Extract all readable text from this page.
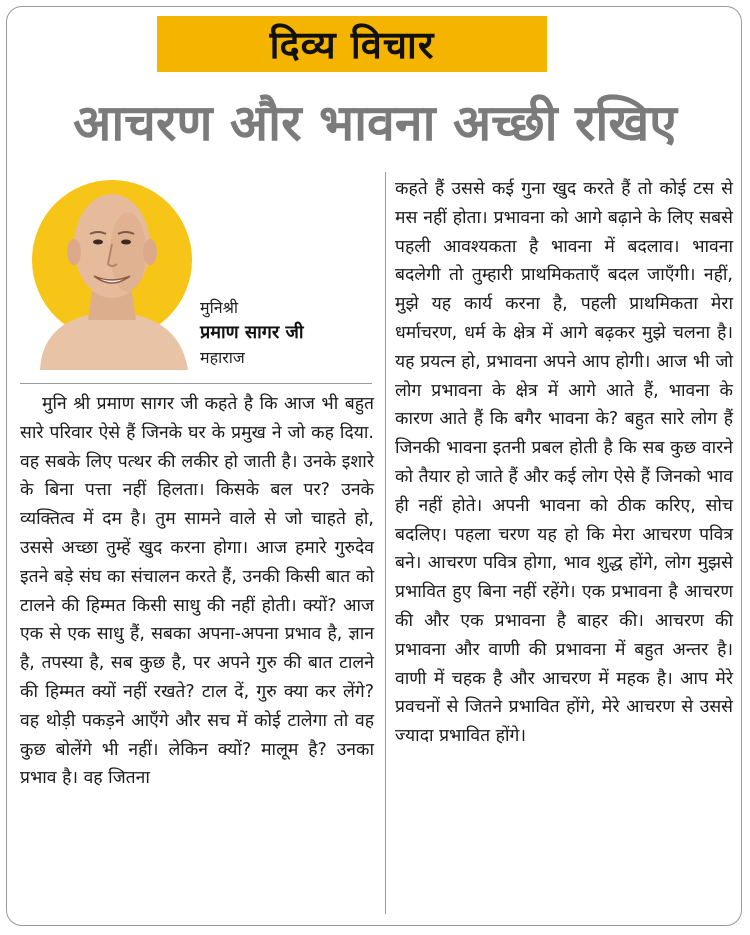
दिव्य विचार
आचरण और भावना अच्छी रखिए
मुनिश्री
प्रमाण सागर जी
महाराज

मुनि श्री प्रमाण सागर जी कहते है कि आज भी बहुत सारे परिवार ऐसे हैं जिनके घर के प्रमुख ने जो कह दिया. वह सबके लिए पत्थर की लकीर हो जाती है। उनके इशारे के बिना पत्ता नहीं हिलता। किसके बल पर? उनके व्यक्तित्व में दम है। तुम सामने वाले से जो चाहते हो, उससे अच्छा तुम्हें खुद करना होगा। आज हमारे गुरुदेव इतने बड़े संघ का संचालन करते हैं, उनकी किसी बात को टालने की हिम्मत किसी साधु की नहीं होती। क्यों? आज एक से एक साधु हैं, सबका अपना-अपना प्रभाव है, ज्ञान है, तपस्या है, सब कुछ है, पर अपने गुरु की बात टालने की हिम्मत क्यों नहीं रखते? टाल दें, गुरु क्या कर लेंगे? वह थोड़ी पकड़ने आएँगे और सच में कोई टालेगा तो वह कुछ बोलेंगे भी नहीं। लेकिन क्यों? मालूम है? उनका प्रभाव है। वह जितना

कहते हैं उससे कई गुना खुद करते हैं तो कोई टस से मस नहीं होता। प्रभावना को आगे बढ़ाने के लिए सबसे पहली आवश्यकता है भावना में बदलाव। भावना बदलेगी तो तुम्हारी प्राथमिकताएँ बदल जाएँगी। नहीं, मुझे यह कार्य करना है, पहली प्राथमिकता मेरा धर्माचरण, धर्म के क्षेत्र में आगे बढ़कर मुझे चलना है। यह प्रयत्न हो, प्रभावना अपने आप होगी। आज भी जो लोग प्रभावना के क्षेत्र में आगे आते हैं, भावना के कारण आते हैं कि बगैर भावना के? बहुत सारे लोग हैं जिनकी भावना इतनी प्रबल होती है कि सब कुछ वारने को तैयार हो जाते हैं और कई लोग ऐसे हैं जिनको भाव ही नहीं होते। अपनी भावना को ठीक करिए, सोच बदलिए। पहला चरण यह हो कि मेरा आचरण पवित्र बने। आचरण पवित्र होगा, भाव शुद्ध होंगे, लोग मुझसे प्रभावित हुए बिना नहीं रहेंगे। एक प्रभावना है आचरण की और एक प्रभावना है बाहर की। आचरण की प्रभावना और वाणी की प्रभावना में बहुत अन्तर है। वाणी में चहक है और आचरण में महक है। आप मेरे प्रवचनों से जितने प्रभावित होंगे, मेरे आचरण से उससे ज्यादा प्रभावित होंगे।
